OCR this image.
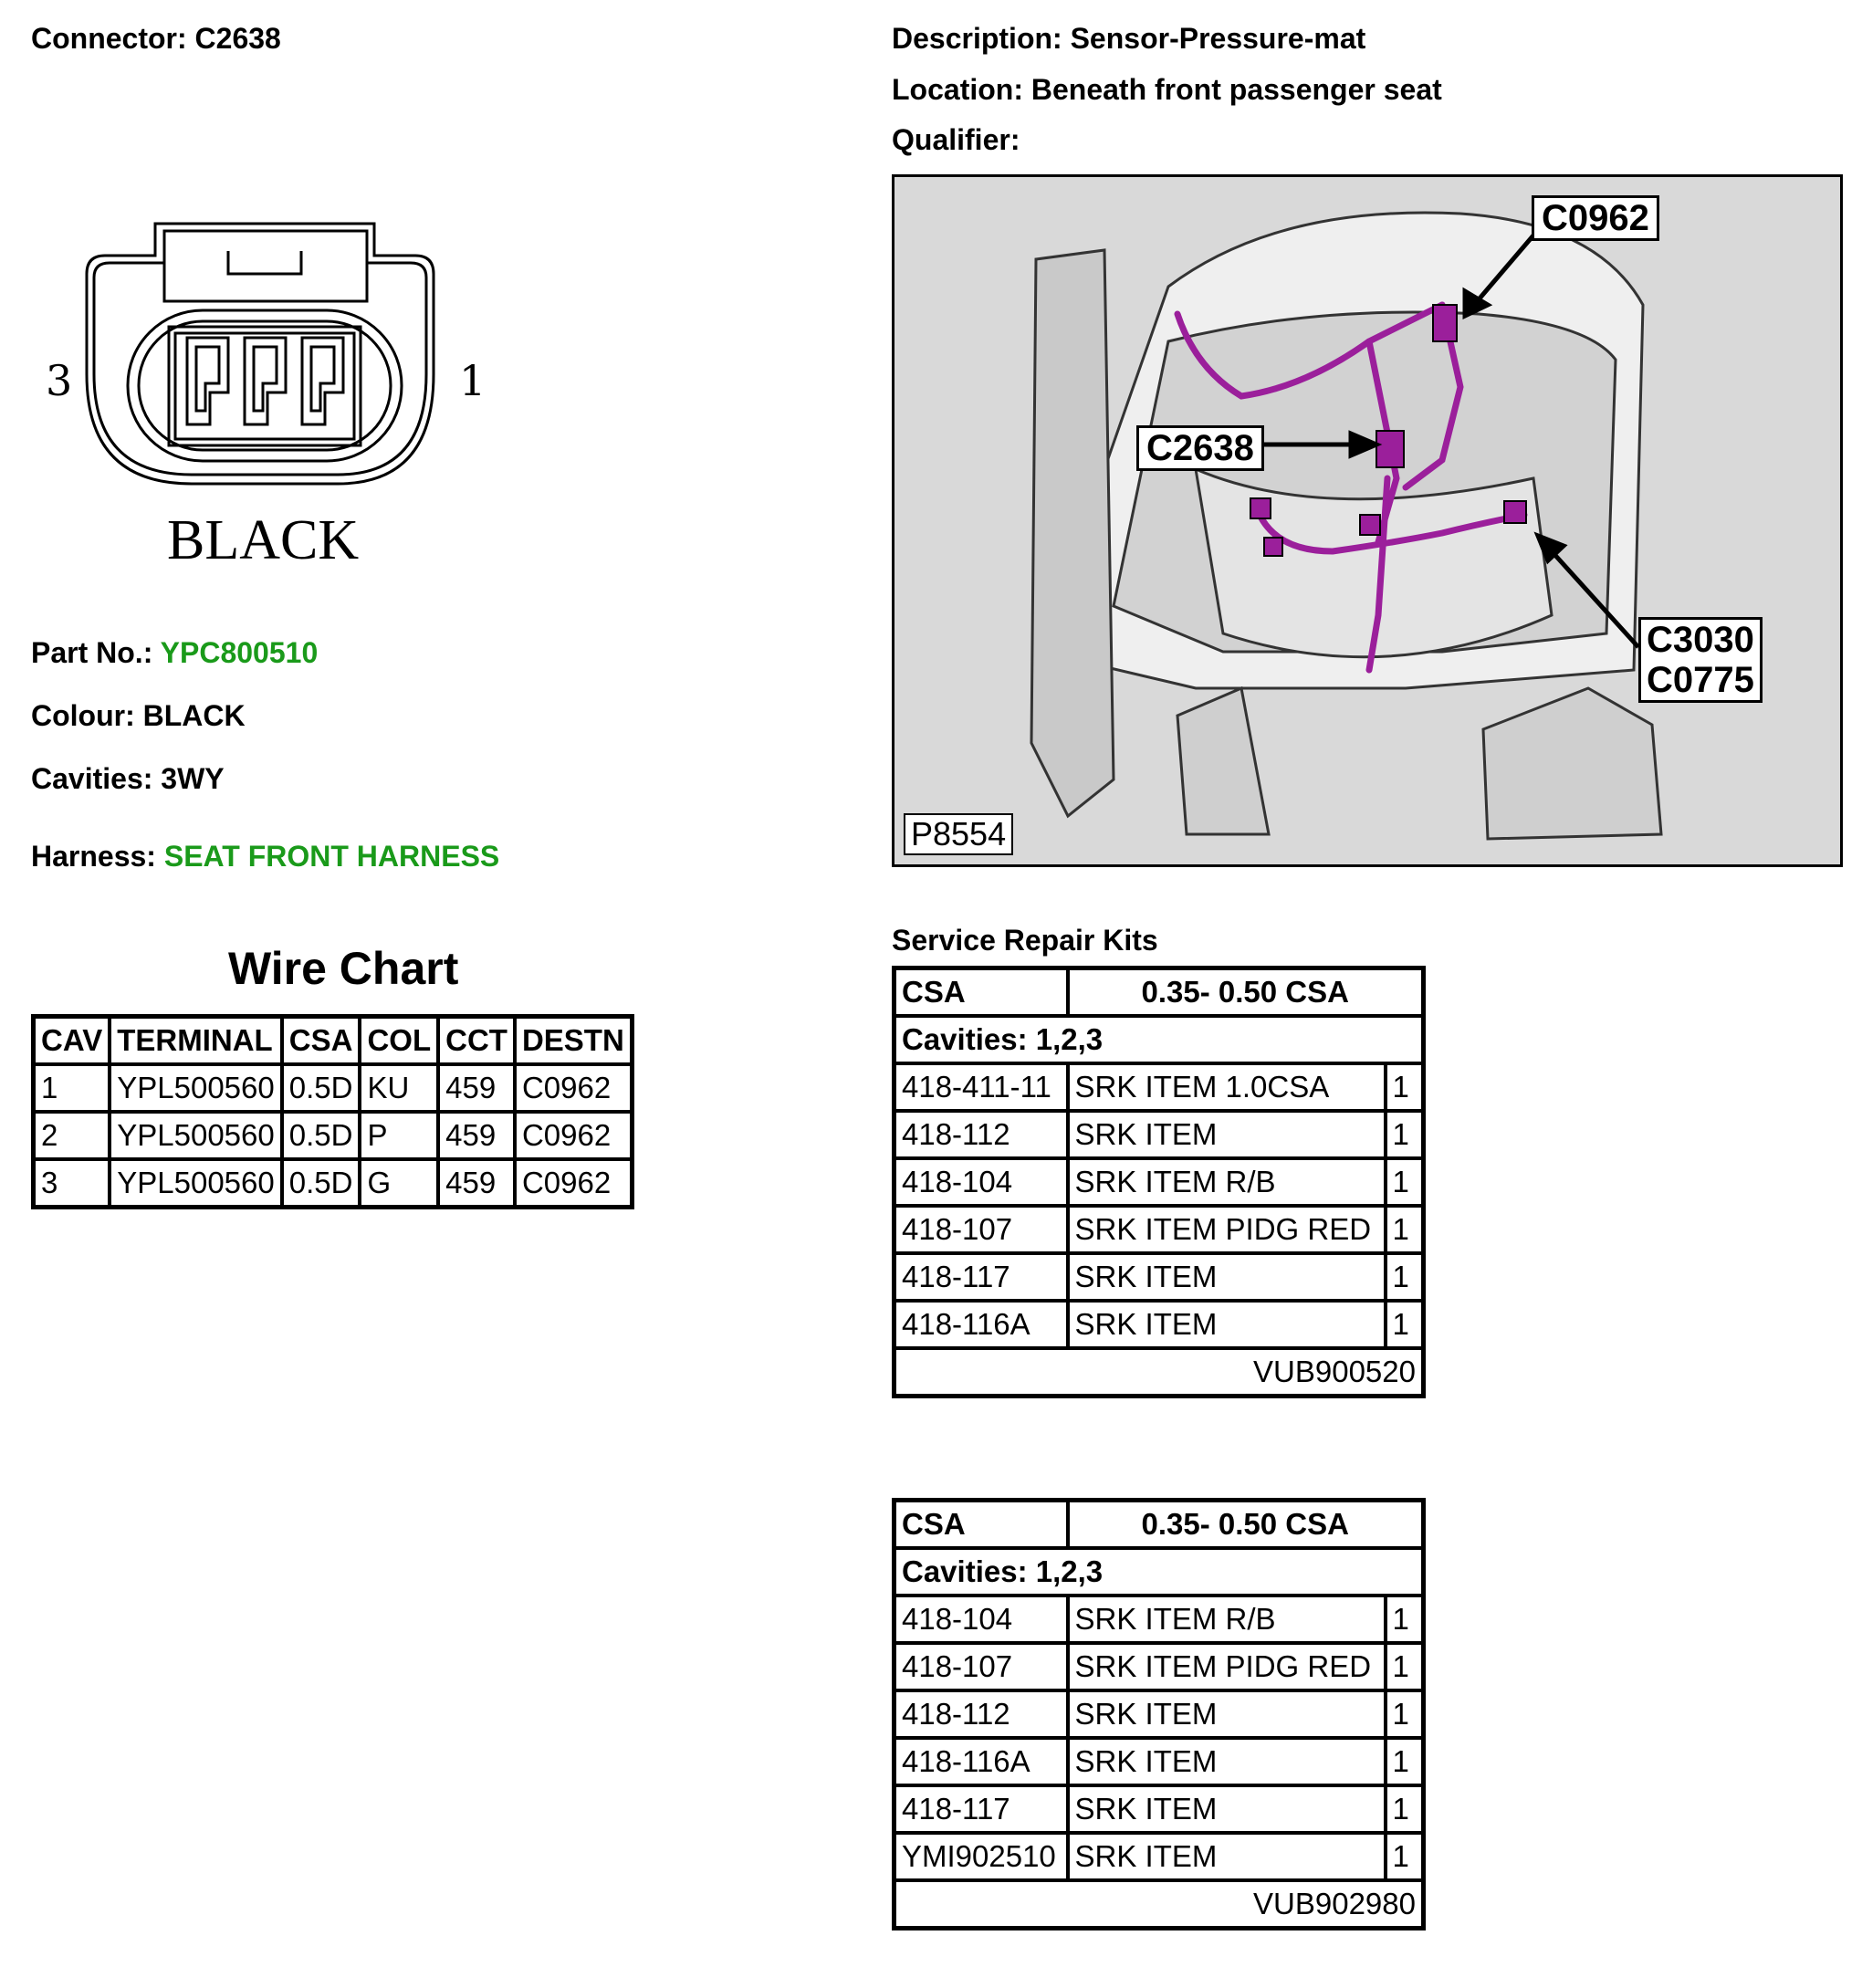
Connector: C2638	Description: Sensor-Pressure-mat
Location: Beneath front passenger seat
Qualifier:
3	1
BLACK
Part No.: YPC800510
Colour: BLACK
Cavities: 3WY
Harness: SEAT FRONT HARNESS
Wire Chart
CAV	TERMINAL	CSA	COL	CCT	DESTN
1	YPL500560	0.5D	KU	459	C0962
2	YPL500560	0.5D	P	459	C0962
3	YPL500560	0.5D	G	459	C0962
C0962
C2638
C3030
C0775
P8554
Service Repair Kits
CSA	0.35- 0.50 CSA	
Cavities: 1,2,3		
418-411-11	SRK ITEM 1.0CSA	1
418-112	SRK ITEM	1
418-104	SRK ITEM R/B	1
418-107	SRK ITEM PIDG RED	1
418-117	SRK ITEM	1
418-116A	SRK ITEM	1
VUB900520		
CSA	0.35- 0.50 CSA	
Cavities: 1,2,3		
418-104	SRK ITEM R/B	1
418-107	SRK ITEM PIDG RED	1
418-112	SRK ITEM	1
418-116A	SRK ITEM	1
418-117	SRK ITEM	1
YMI902510	SRK ITEM	1
VUB902980		
